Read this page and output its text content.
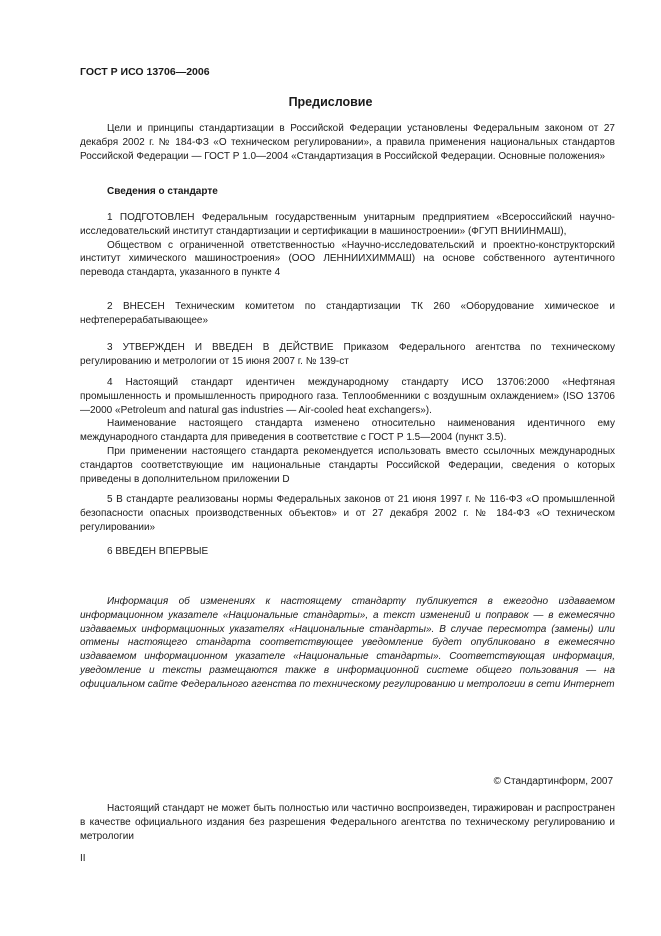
ГОСТ Р ИСО 13706—2006
Предисловие

Цели и принципы стандартизации в Российской Федерации установлены Федеральным законом от 27 декабря 2002 г. № 184-ФЗ «О техническом регулировании», а правила применения национальных стандартов Российской Федерации — ГОСТ Р 1.0—2004 «Стандартизация в Российской Федерации. Основные положения»

Сведения о стандарте

1 ПОДГОТОВЛЕН Федеральным государственным унитарным предприятием «Всероссийский научно-исследовательский институт стандартизации и сертификации в машиностроении» (ФГУП ВНИИНМАШ),

Обществом с ограниченной ответственностью «Научно-исследовательский и проектно-конструкторский институт химического машиностроения» (ООО ЛЕННИИХИММАШ) на основе собственного аутентичного перевода стандарта, указанного в пункте 4

2 ВНЕСЕН Техническим комитетом по стандартизации ТК 260 «Оборудование химическое и нефтеперерабатывающее»

3 УТВЕРЖДЕН И ВВЕДЕН В ДЕЙСТВИЕ Приказом Федерального агентства по техническому регулированию и метрологии от 15 июня 2007 г. № 139-ст

4 Настоящий стандарт идентичен международному стандарту ИСО 13706:2000 «Нефтяная промышленность и промышленность природного газа. Теплообменники с воздушным охлаждением» (ISO 13706—2000 «Petroleum and natural gas industries — Air-cooled heat exchangers»).

Наименование настоящего стандарта изменено относительно наименования идентичного ему международного стандарта для приведения в соответствие с ГОСТ Р 1.5—2004 (пункт 3.5).

При применении настоящего стандарта рекомендуется использовать вместо ссылочных международных стандартов соответствующие им национальные стандарты Российской Федерации, сведения о которых приведены в дополнительном приложении D

5 В стандарте реализованы нормы Федеральных законов от 21 июня 1997 г. № 116-ФЗ «О промышленной безопасности опасных производственных объектов» и от 27 декабря 2002 г. № 184-ФЗ «О техническом регулировании»

6 ВВЕДЕН ВПЕРВЫЕ

Информация об изменениях к настоящему стандарту публикуется в ежегодно издаваемом информационном указателе «Национальные стандарты», а текст изменений и поправок — в ежемесячно издаваемых информационных указателях «Национальные стандарты». В случае пересмотра (замены) или отмены настоящего стандарта соответствующее уведомление будет опубликовано в ежемесячно издаваемом информационном указателе «Национальные стандарты». Соответствующая информация, уведомление и тексты размещаются также в информационной системе общего пользования — на официальном сайте Федерального агенства по техническому регулированию и метрологии в сети Интернет

© Стандартинформ, 2007

Настоящий стандарт не может быть полностью или частично воспроизведен, тиражирован и распространен в качестве официального издания без разрешения Федерального агентства по техническому регулированию и метрологии

II
